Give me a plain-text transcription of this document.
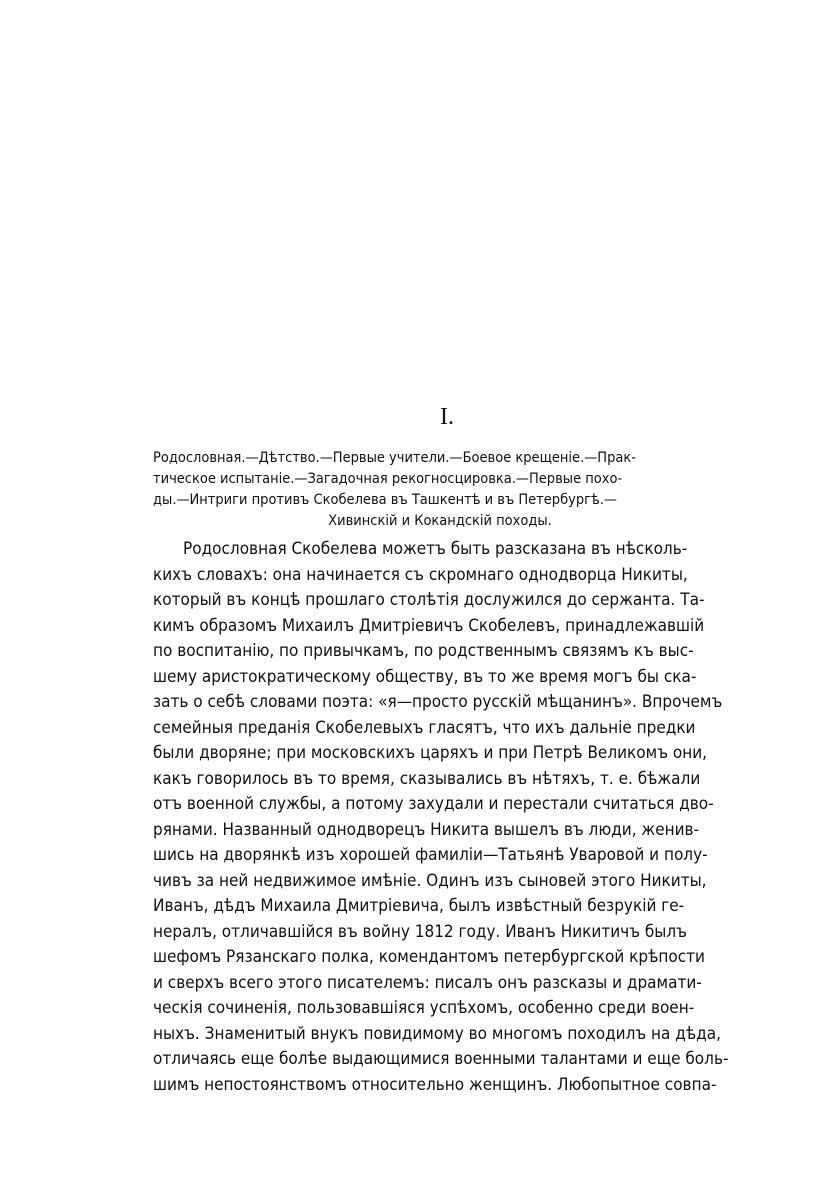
I.
Родословная.—Дѣтство.—Первые учители.—Боевое крещеніе.—Прак-
тическое испытаніе.—Загадочная рекогносцировка.—Первые похо-
ды.—Интриги противъ Скобелева въ Ташкентѣ и въ Петербургѣ.—
Хивинскій и Кокандскій походы.
Родословная Скобелева можетъ быть разсказана въ нѣсколь-
кихъ словахъ: она начинается съ скромнаго однодворца Никиты,
который въ концѣ прошлаго столѣтія дослужился до сержанта. Та-
кимъ образомъ Михаилъ Дмитріевичъ Скобелевъ, принадлежавшій
по воспитанію, по привычкамъ, по родственнымъ связямъ къ выс-
шему аристократическому обществу, въ то же время могъ бы ска-
зать о себѣ словами поэта: «я—просто русскій мѣщанинъ». Впрочемъ
семейныя преданія Скобелевыхъ гласятъ, что ихъ дальніе предки
были дворяне; при московскихъ царяхъ и при Петрѣ Великомъ они,
какъ говорилось въ то время, сказывались въ нѣтяхъ, т. е. бѣжали
отъ военной службы, а потому захудали и перестали считаться дво-
рянами. Названный однодворецъ Никита вышелъ въ люди, женив-
шись на дворянкѣ изъ хорошей фамиліи—Татьянѣ Уваровой и полу-
чивъ за ней недвижимое имѣніе. Одинъ изъ сыновей этого Никиты,
Иванъ, дѣдъ Михаила Дмитріевича, былъ извѣстный безрукій ге-
нералъ, отличавшійся въ войну 1812 году. Иванъ Никитичъ былъ
шефомъ Рязанскаго полка, комендантомъ петербургской крѣпости
и сверхъ всего этого писателемъ: писалъ онъ разсказы и драмати-
ческія сочиненія, пользовавшіяся успѣхомъ, особенно среди воен-
ныхъ. Знаменитый внукъ повидимому во многомъ походилъ на дѣда,
отличаясь еще болѣе выдающимися военными талантами и еще боль-
шимъ непостоянствомъ относительно женщинъ. Любопытное совпа-
